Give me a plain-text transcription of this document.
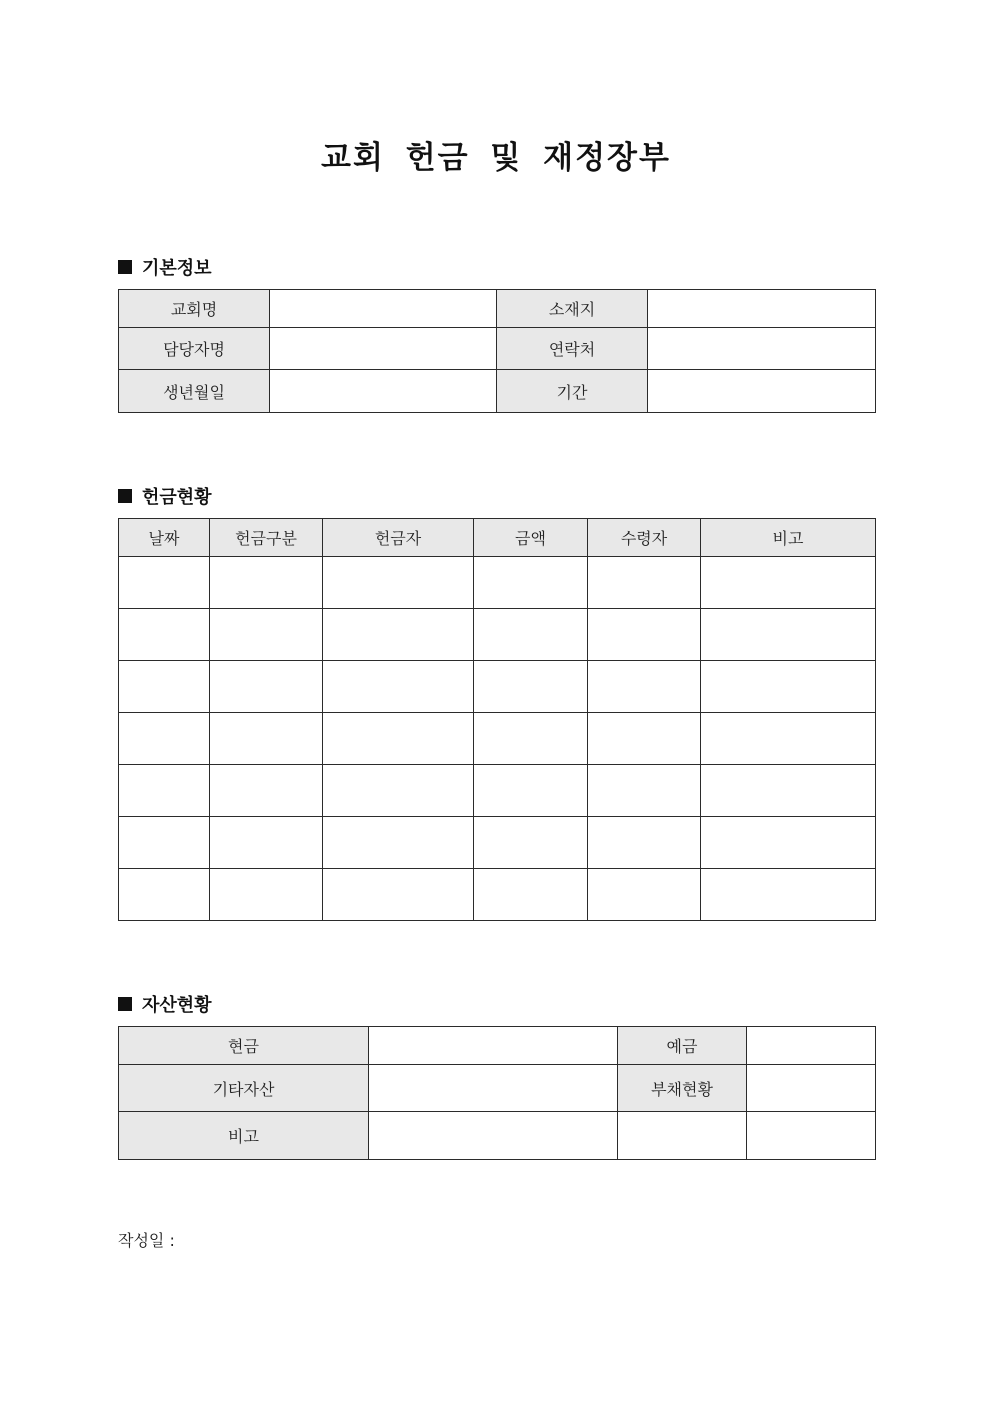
교회 헌금 및 재정장부
기본정보
교회명		소재지	
담당자명		연락처	
생년월일		기간	
헌금현황
날짜	헌금구분	헌금자	금액	수령자	비고

자산현황
현금		예금	
기타자산		부채현황	
비고			
작성일 :
